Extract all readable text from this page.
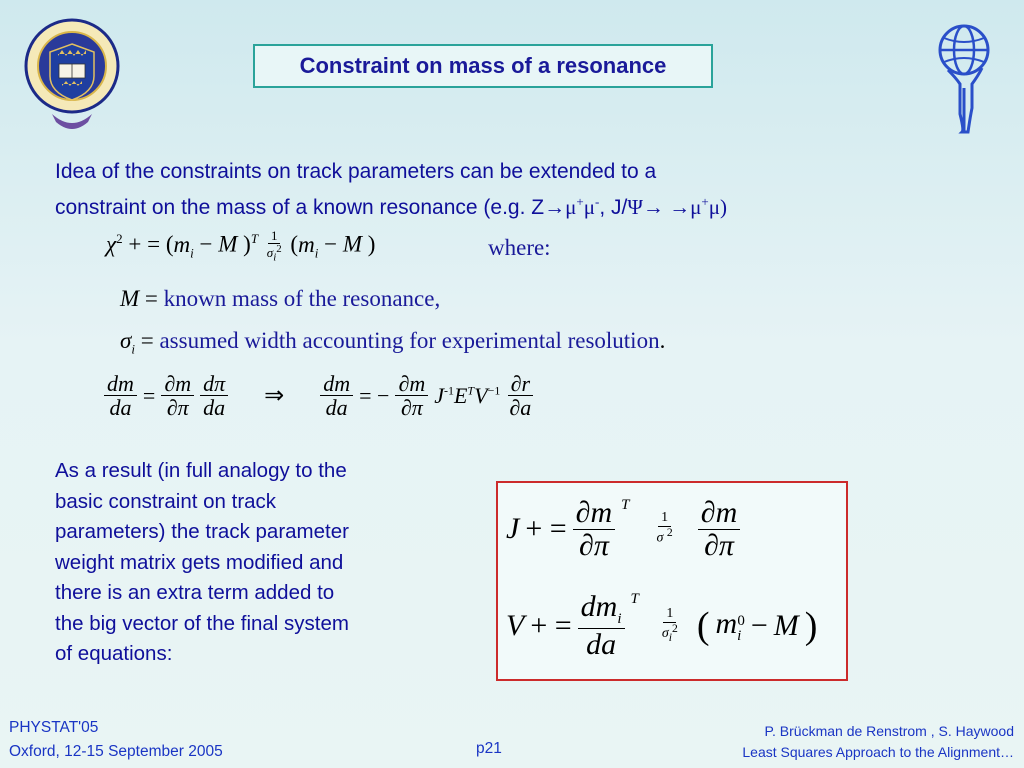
Constraint on mass of a resonance
Idea of the constraints on track parameters can be extended to a
constraint on the mass of a known resonance (e.g. Z→μ+μ-, J/Ψ→ →μ+μ)
$\chi^2$ + = ($m_i - M$ )$^T \frac{1}{\sigma_i^2} (m_i - M$ )	where:
M = known mass of the resonance,
$\sigma_i$ = assumed width accounting for experimental resolution.
$\frac{dm}{da} = \frac{\partial m}{\partial\pi} \frac{d\pi}{da}$ ⇒ $\frac{dm}{da}$ = − $\frac{\partial m}{\partial\pi} J^{-1}E^TV^{-1} \frac{\partial r}{\partial a}$
As a result (in full analogy to the
basic constraint on track
parameters) the track parameter
weight matrix gets modified and
there is an extra term added to
the big vector of the final system
of equations:
J + = $\frac{\partial m}{\partial\pi} ^T$
$\frac{1}{\sigma ^2} \frac{\partial m}{\partial\pi}$
V + = $\frac{dm_i}{da} ^T$
$\frac{1}{\sigma_i^2}$ ( $m_i$
$^0$ − M )
PHYSTAT'05
Oxford, 12-15 September 2005	p21
P. Brückman de Renstrom , S. Haywood
Least Squares Approach to the Alignment…
